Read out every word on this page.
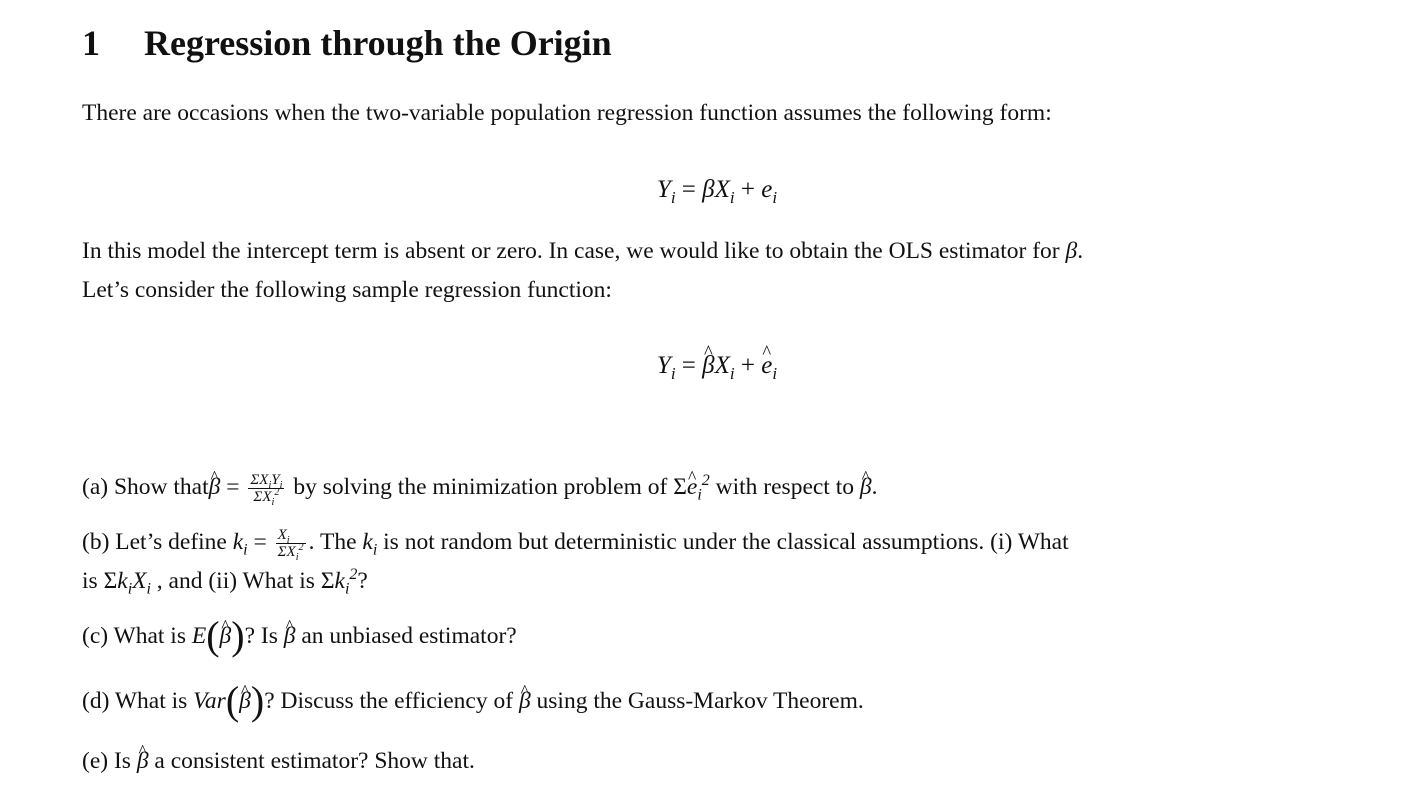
1 Regression through the Origin

There are occasions when the two-variable population regression function assumes the following form:

$Y_i = \beta X_i + e_i$

In this model the intercept term is absent or zero. In case, we would like to obtain the OLS estimator for β.
Let’s consider the following sample regression function:

$Y_i$ = ^ $\beta X_i$ + ^ $e_i$

(a) Show that^ $\beta = \frac{\Sigma X_iY_i}{\Sigma X_i^2}$ by solving the minimization problem of Σ^ $e_i^2$ with respect to ^ β.

(b) Let’s define $k_i = \frac{X_i}{\Sigma X_i^2}$ . The $k_i$ is not random but deterministic under the classical assumptions. (i) What
is $\Sigma k_iX_i$ , and (ii) What is $\Sigma k_i^2$?

(c) What is E(^ β)? Is ^ β an unbiased estimator?

(d) What is Var(^ β)? Discuss the efficiency of ^ β using the Gauss-Markov Theorem.

(e) Is ^ β a consistent estimator? Show that.
